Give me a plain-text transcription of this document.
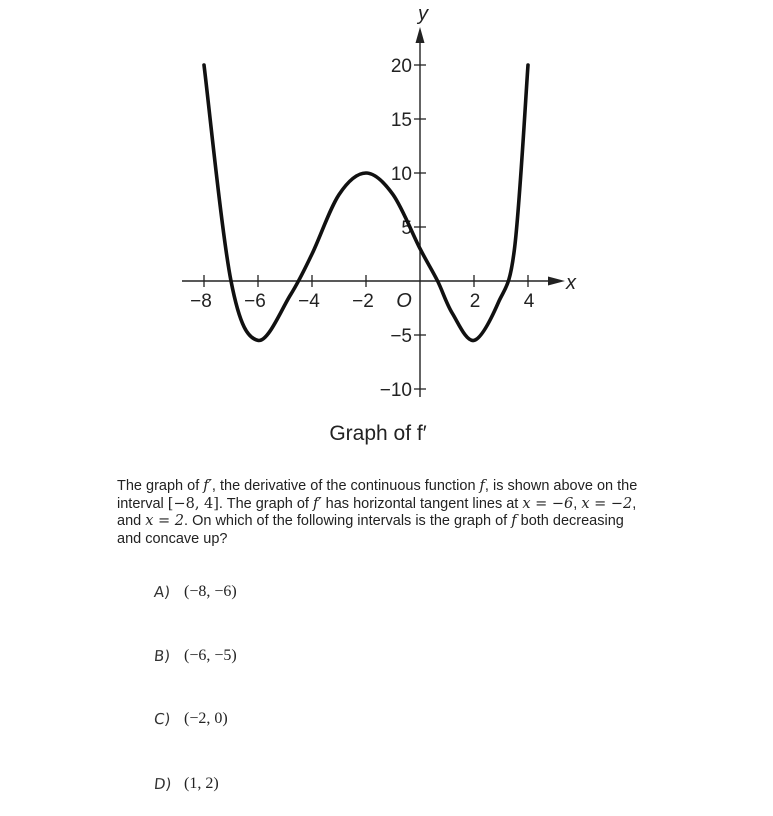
−8 −6 −4 −2	2 4
20
15
10
5
−5
−10
y
x
O
Graph of f′
The graph of f′, the derivative of the continuous function f, is shown above on the interval [−8, 4]. The graph of f′ has horizontal tangent lines at x = −6, x = −2, and x = 2. On which of the following intervals is the graph of f both decreasing and concave up?
A) (−8, −6)
B) (−6, −5)
C) (−2, 0)
D) (1, 2)
